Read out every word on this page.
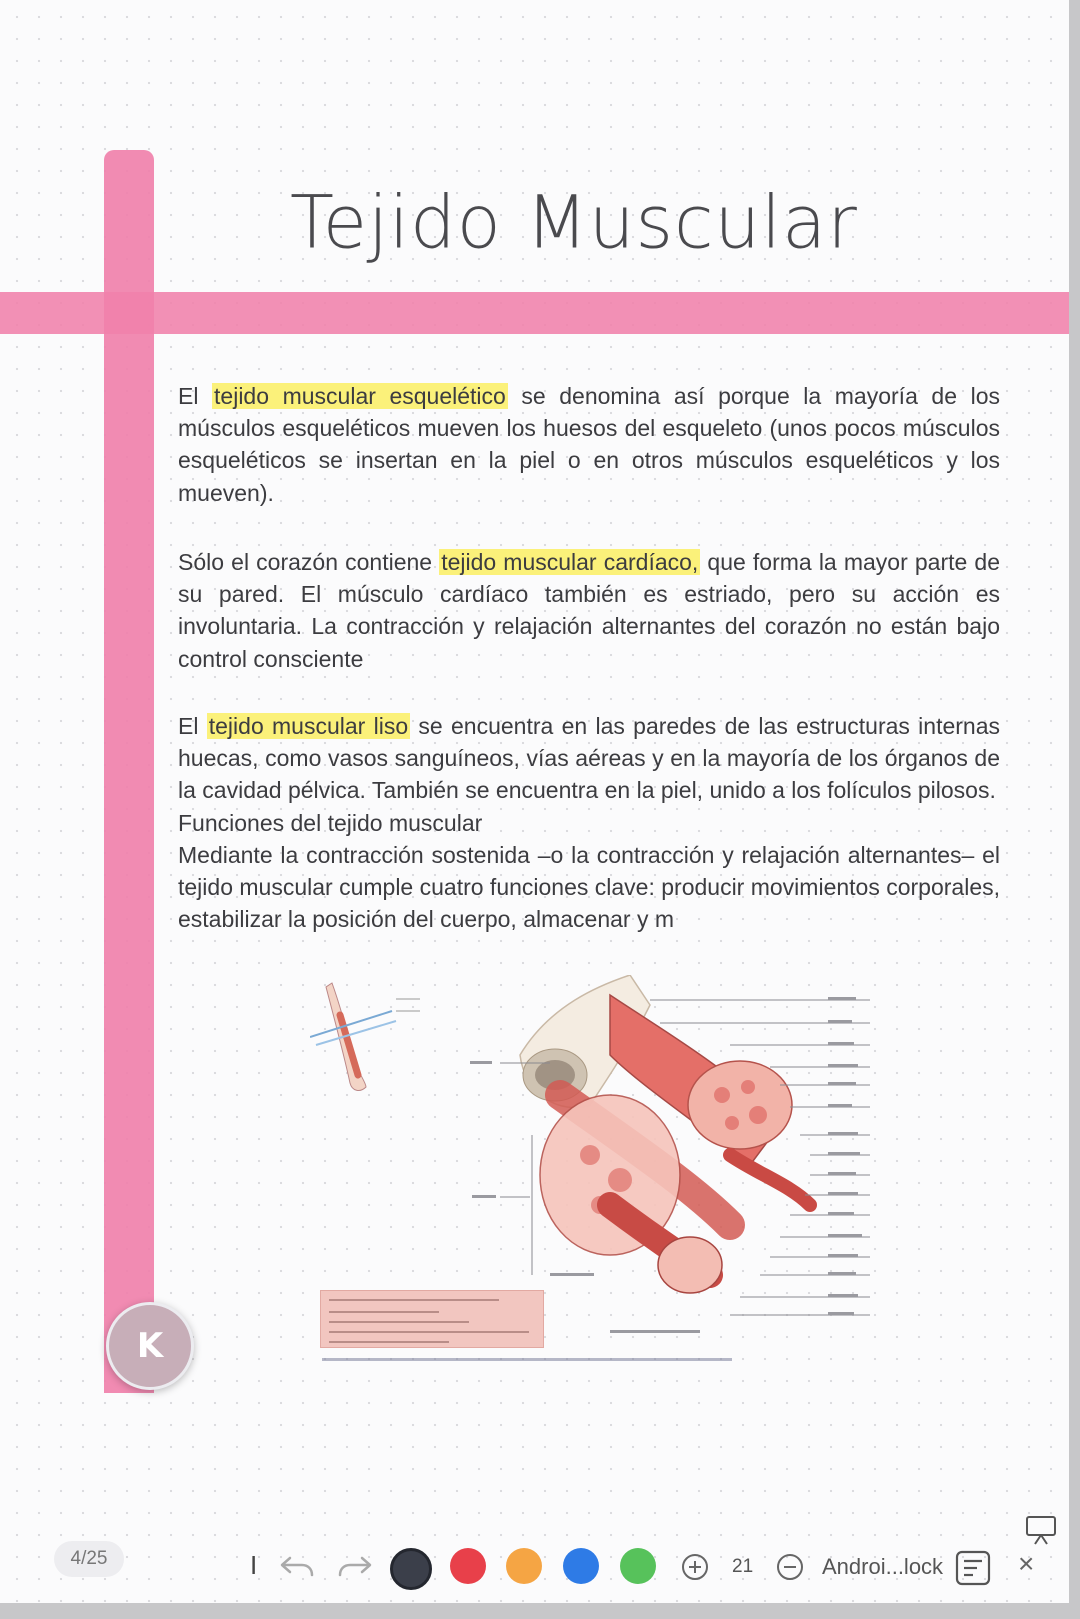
Tejido Muscular
El tejido muscular esquelético se denomina así porque la mayoría de los músculos esqueléticos mueven los huesos del esqueleto (unos pocos músculos esqueléticos se insertan en la piel o en otros músculos esqueléticos y los mueven).
Sólo el corazón contiene tejido muscular cardíaco, que forma la mayor parte de su pared. El músculo cardíaco también es estriado, pero su acción es involuntaria. La contracción y relajación alternantes del corazón no están bajo control consciente
El tejido muscular liso se encuentra en las paredes de las estructuras internas huecas, como vasos sanguíneos, vías aéreas y en la mayoría de los órganos de la cavidad pélvica. También se encuentra en la piel, unido a los folículos pilosos.
Funciones del tejido muscular
Mediante la contracción sostenida –o la contracción y relajación alternantes– el tejido muscular cumple cuatro funciones clave: producir movimientos corporales, estabilizar la posición del cuerpo, almacenar y m
K
4/25	I	21	Androi...lock	×
